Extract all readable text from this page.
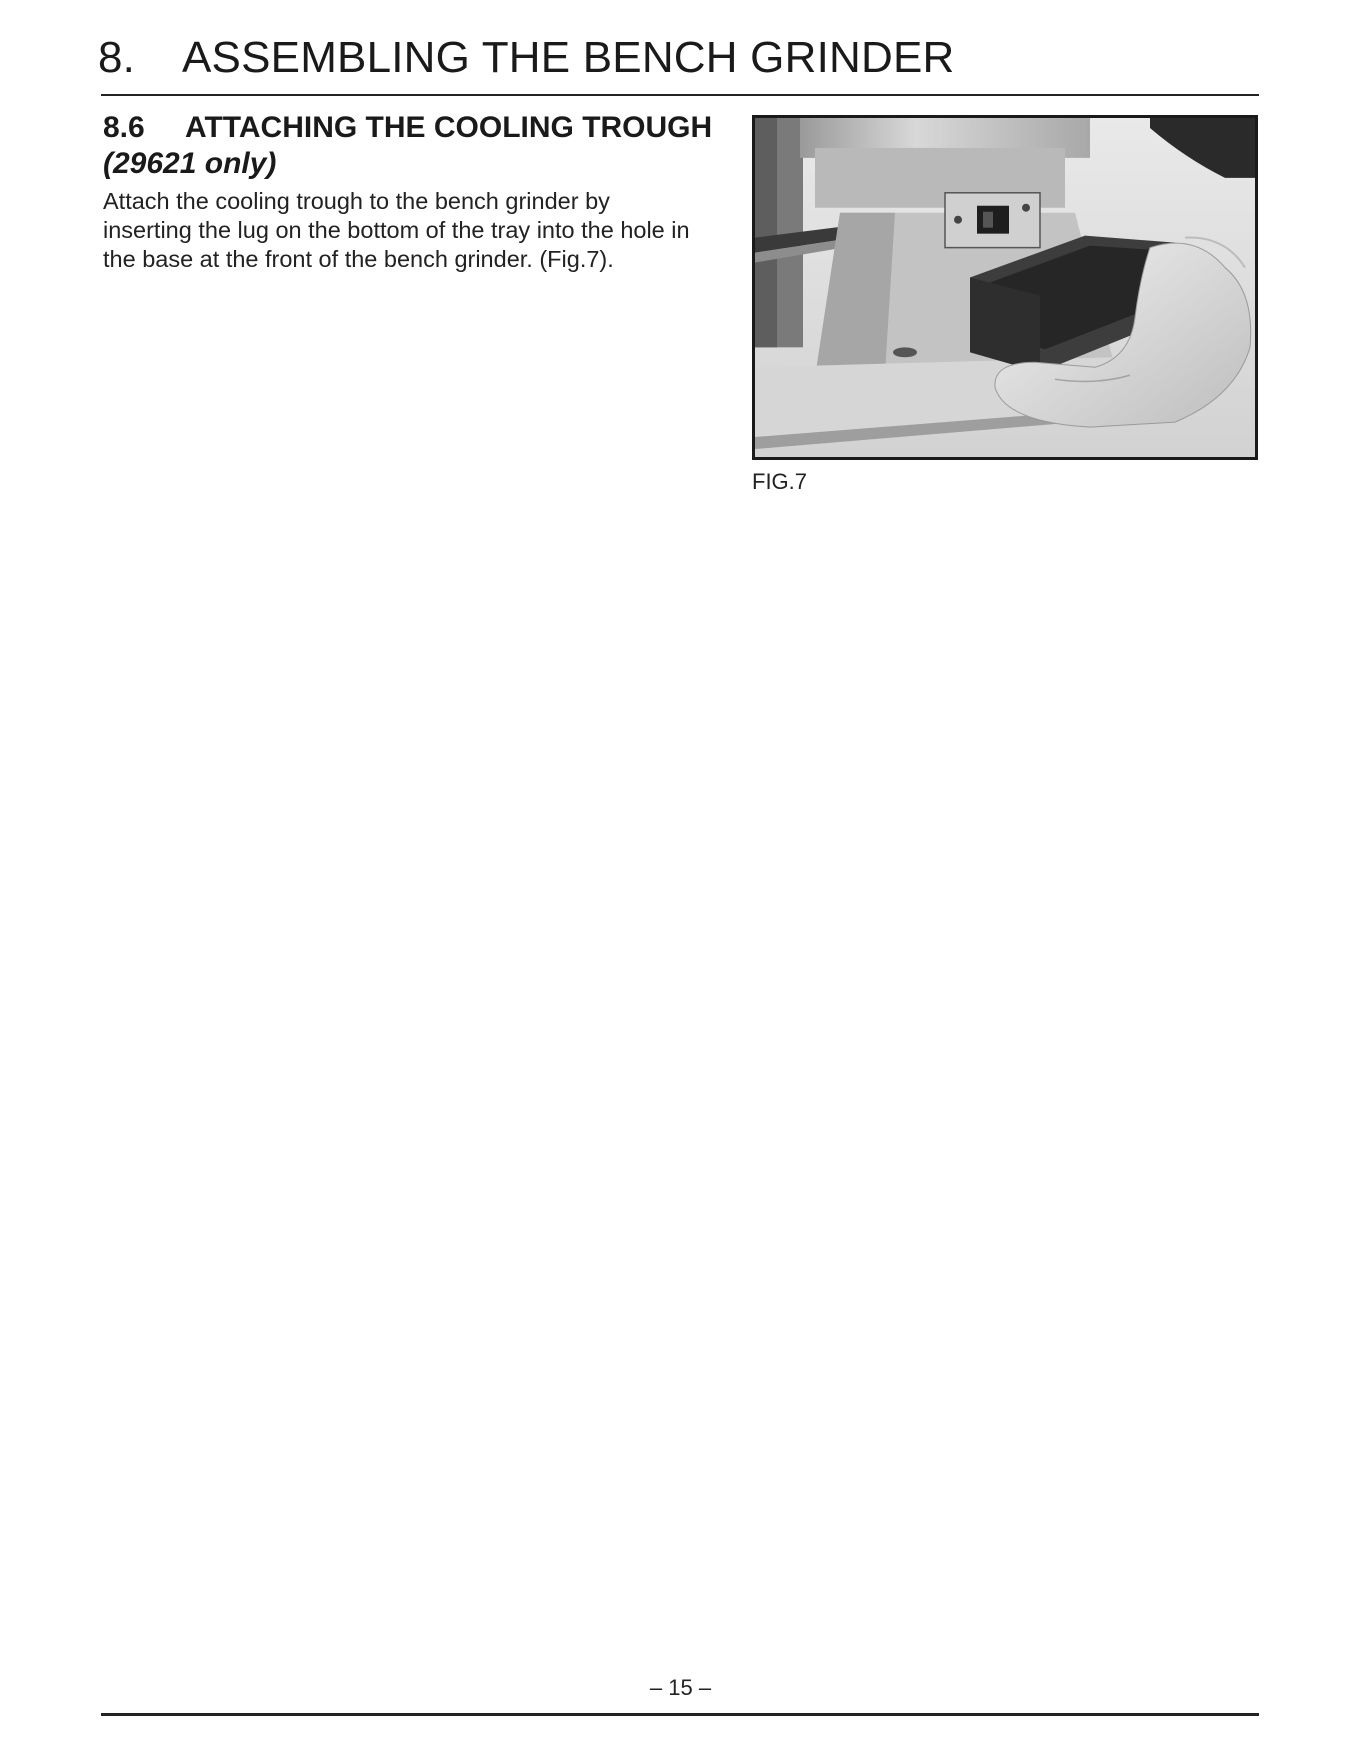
8. ASSEMBLING THE BENCH GRINDER
8.6 ATTACHING THE COOLING TROUGH (29621 only)

Attach the cooling trough to the bench grinder by inserting the lug on the bottom of the tray into the hole in the base at the front of the bench grinder. (Fig.7).

FIG.7
– 15 –
